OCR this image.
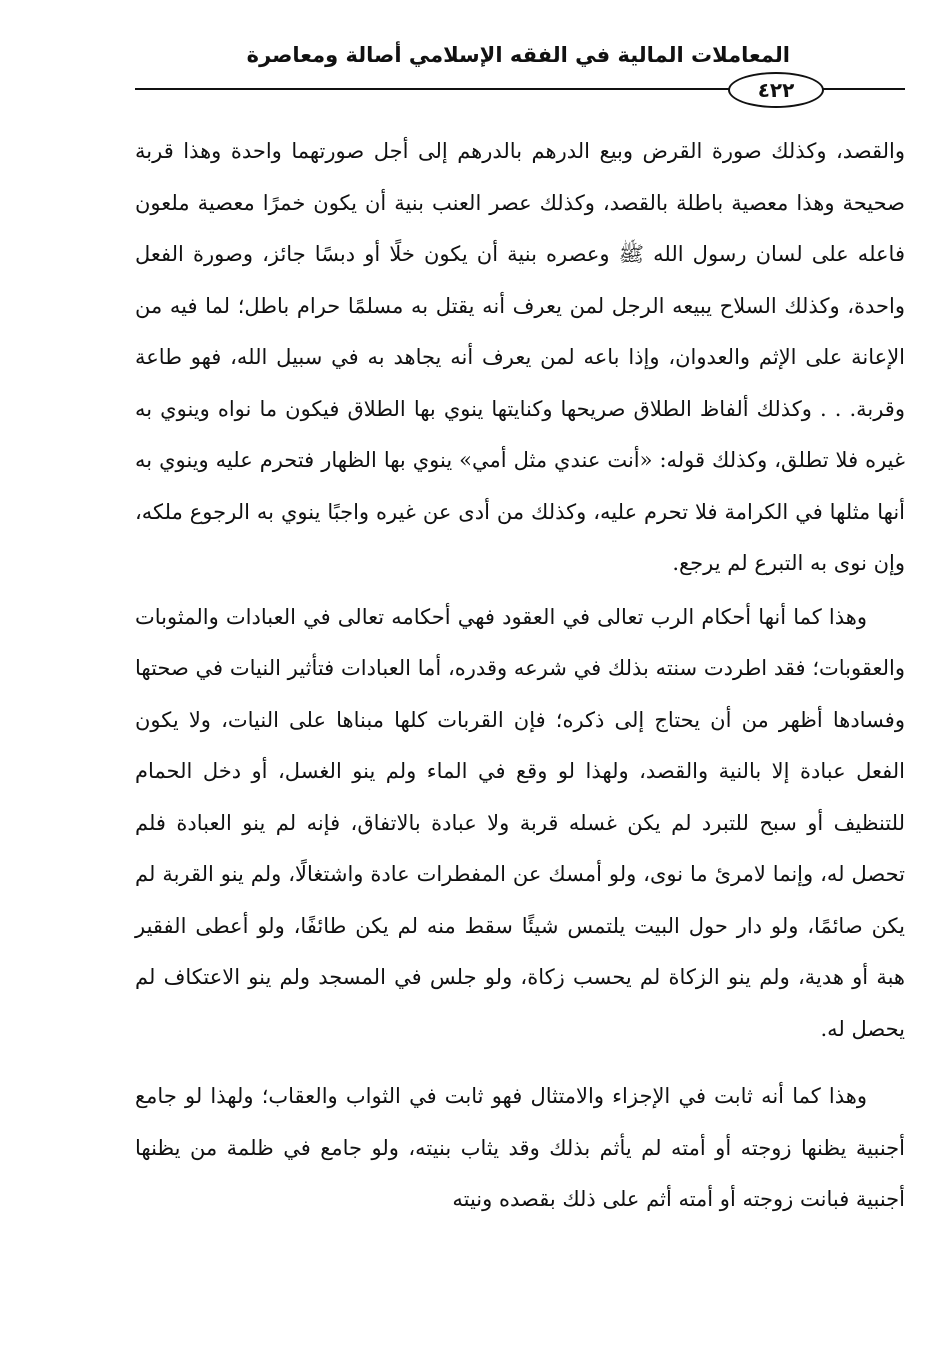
المعاملات المالية في الفقه الإسلامي أصالة ومعاصرة
٤٢٢

والقصد، وكذلك صورة القرض وبيع الدرهم بالدرهم إلى أجل صورتهما واحدة وهذا قربة صحيحة وهذا معصية باطلة بالقصد، وكذلك عصر العنب بنية أن يكون خمرًا معصية ملعون فاعله على لسان رسول الله ﷺ وعصره بنية أن يكون خلًا أو دبسًا جائز، وصورة الفعل واحدة، وكذلك السلاح يبيعه الرجل لمن يعرف أنه يقتل به مسلمًا حرام باطل؛ لما فيه من الإعانة على الإثم والعدوان، وإذا باعه لمن يعرف أنه يجاهد به في سبيل الله، فهو طاعة وقربة. . . وكذلك ألفاظ الطلاق صريحها وكنايتها ينوي بها الطلاق فيكون ما نواه وينوي به غيره فلا تطلق، وكذلك قوله: «أنت عندي مثل أمي» ينوي بها الظهار فتحرم عليه وينوي به أنها مثلها في الكرامة فلا تحرم عليه، وكذلك من أدى عن غيره واجبًا ينوي به الرجوع ملكه، وإن نوى به التبرع لم يرجع.

وهذا كما أنها أحكام الرب تعالى في العقود فهي أحكامه تعالى في العبادات والمثوبات والعقوبات؛ فقد اطردت سنته بذلك في شرعه وقدره، أما العبادات فتأثير النيات في صحتها وفسادها أظهر من أن يحتاج إلى ذكره؛ فإن القربات كلها مبناها على النيات، ولا يكون الفعل عبادة إلا بالنية والقصد، ولهذا لو وقع في الماء ولم ينو الغسل، أو دخل الحمام للتنظيف أو سبح للتبرد لم يكن غسله قربة ولا عبادة بالاتفاق، فإنه لم ينو العبادة فلم تحصل له، وإنما لامرئ ما نوى، ولو أمسك عن المفطرات عادة واشتغالًا، ولم ينو القربة لم يكن صائمًا، ولو دار حول البيت يلتمس شيئًا سقط منه لم يكن طائفًا، ولو أعطى الفقير هبة أو هدية، ولم ينو الزكاة لم يحسب زكاة، ولو جلس في المسجد ولم ينو الاعتكاف لم يحصل له.

وهذا كما أنه ثابت في الإجزاء والامتثال فهو ثابت في الثواب والعقاب؛ ولهذا لو جامع أجنبية يظنها زوجته أو أمته لم يأثم بذلك وقد يثاب بنيته، ولو جامع في ظلمة من يظنها أجنبية فبانت زوجته أو أمته أثم على ذلك بقصده ونيته
